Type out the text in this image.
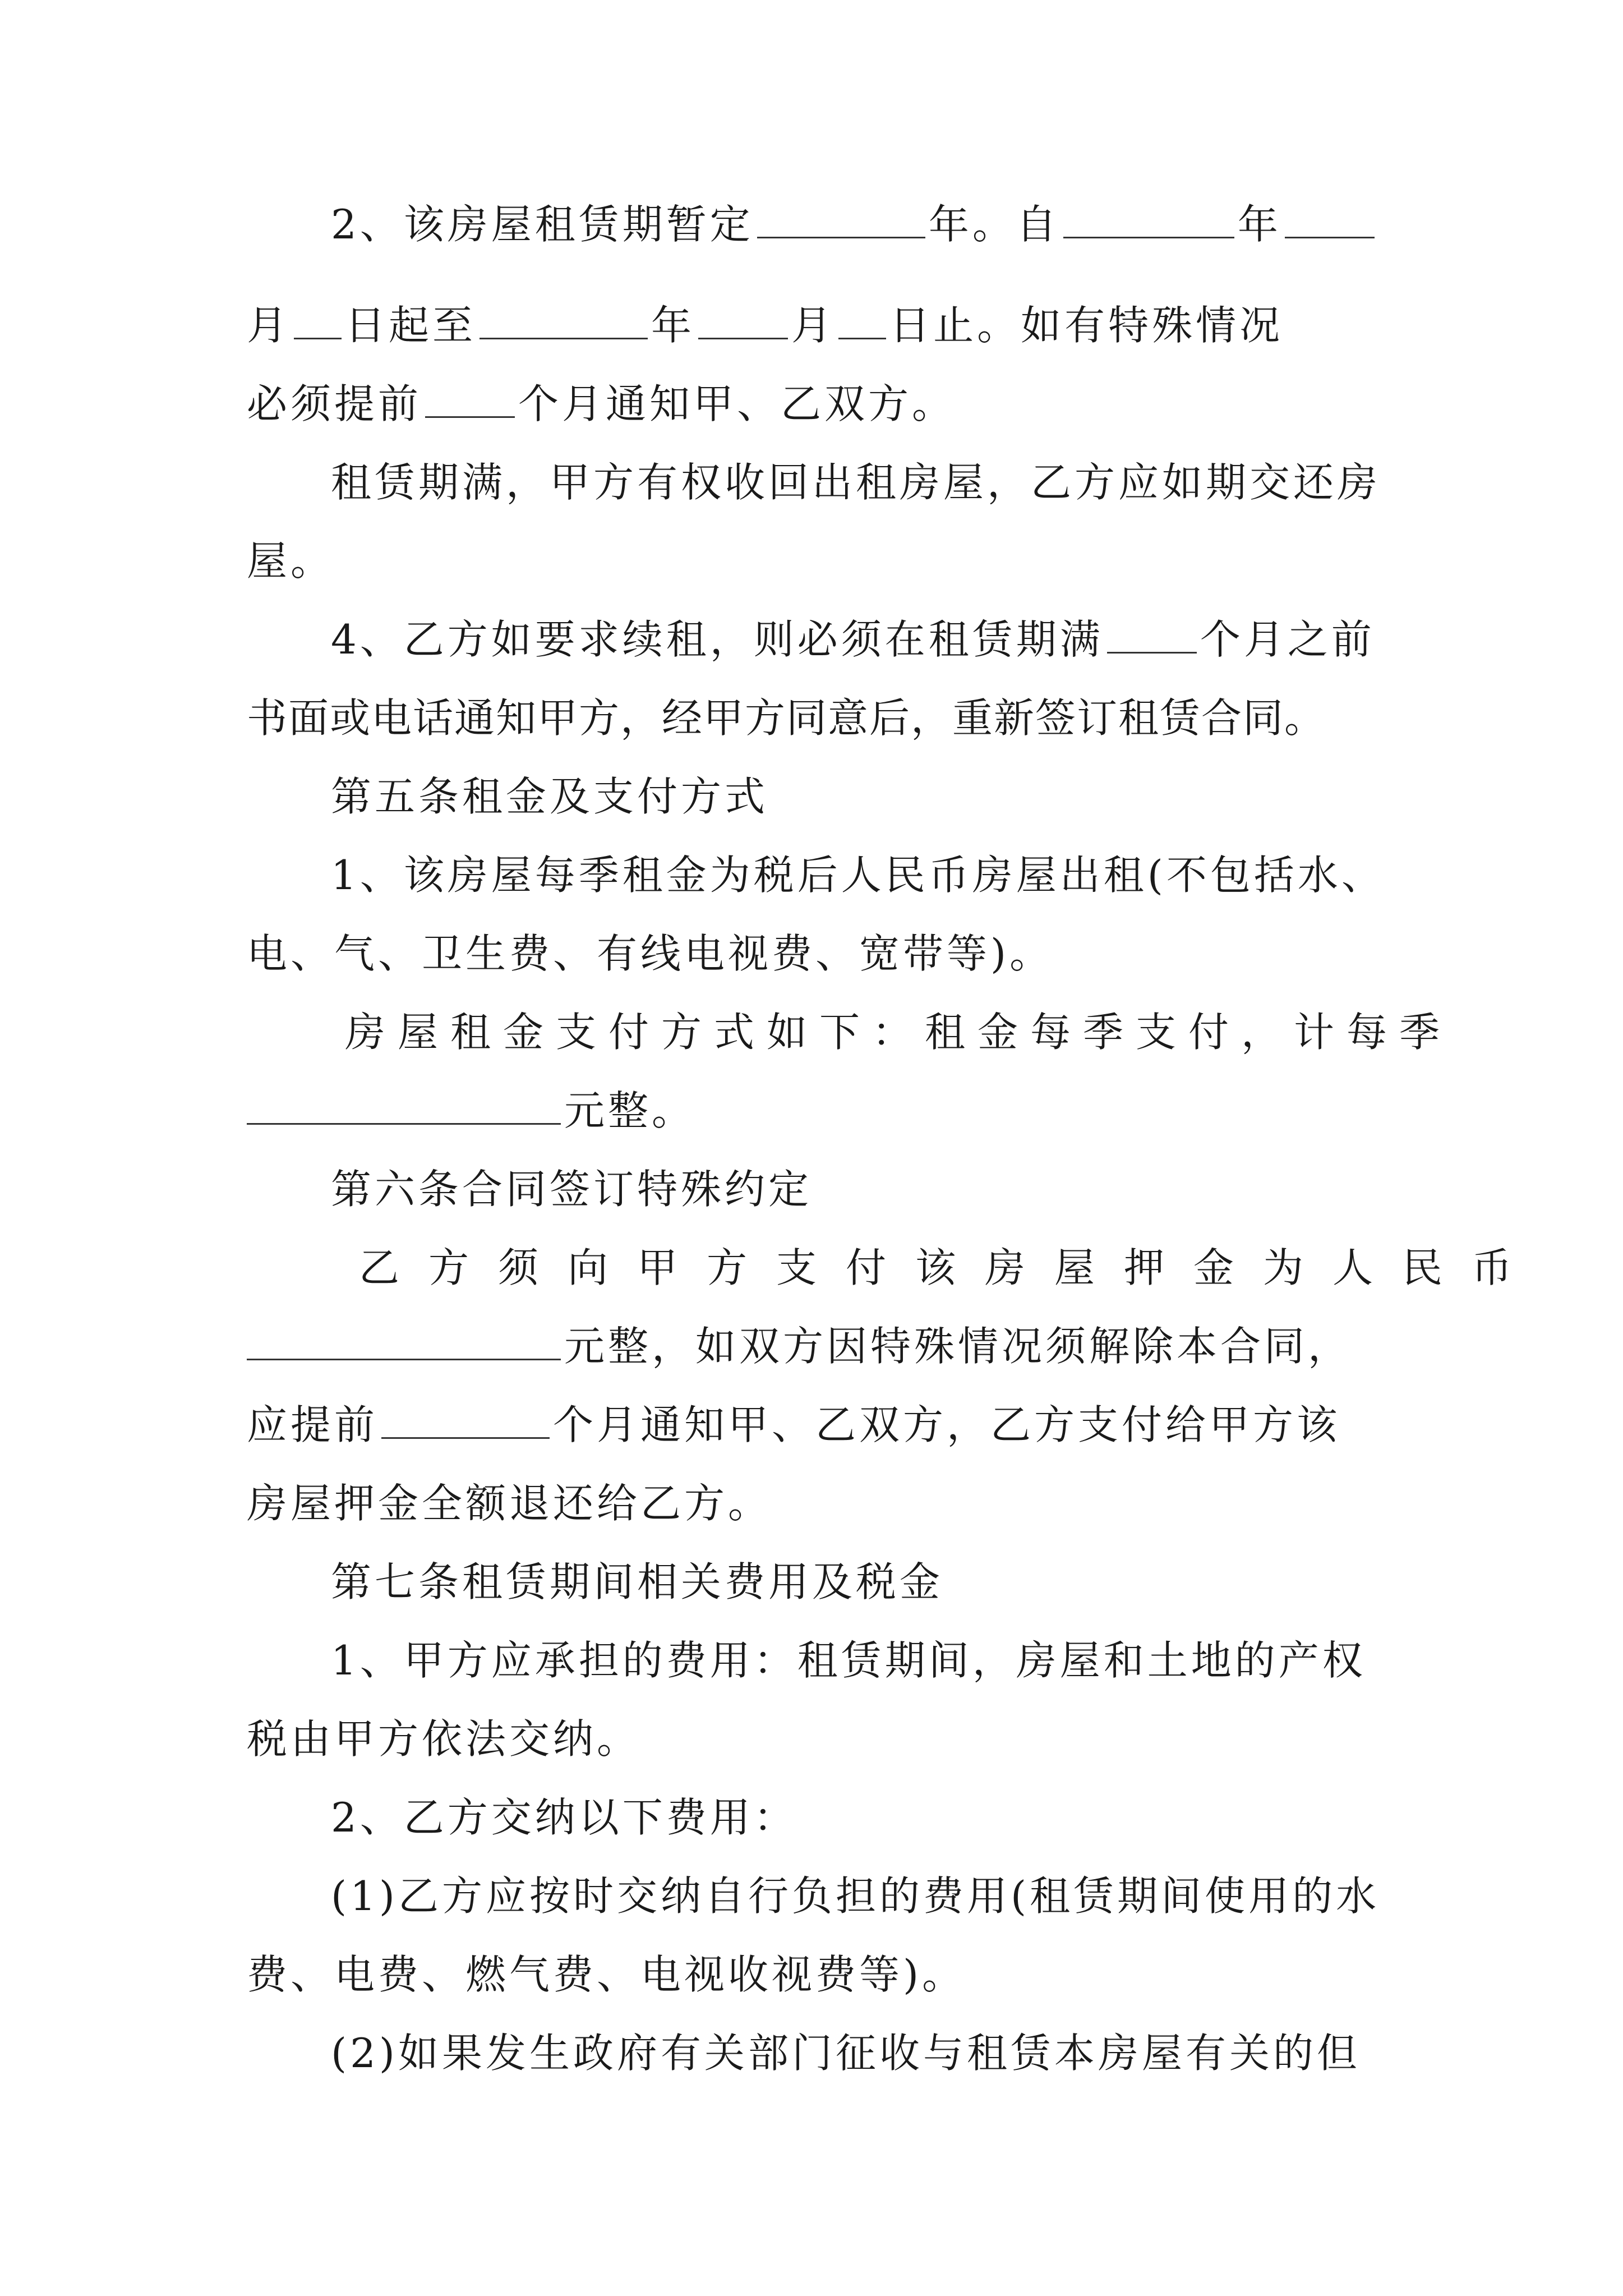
2、该房屋租赁期暂定	年。自	年
月 日起至	年 月 日止。如有特殊情况
必须提前 个月通知甲、乙双方。
租赁期满，甲方有权收回出租房屋，乙方应如期交还房
屋。
4、乙方如要求续租，则必须在租赁期满 个月之前
书面或电话通知甲方，经甲方同意后，重新签订租赁合同。
第五条租金及支付方式
1、该房屋每季租金为税后人民币房屋出租(不包括水、
电、气、卫生费、有线电视费、宽带等)。
房屋租金支付方式如下：租金每季支付，计每季
元整。
第六条合同签订特殊约定
乙方须向甲方支付该房屋押金为人民币
元整，如双方因特殊情况须解除本合同，
应提前	个月通知甲、乙双方，乙方支付给甲方该
房屋押金全额退还给乙方。
第七条租赁期间相关费用及税金
1、甲方应承担的费用：租赁期间，房屋和土地的产权
税由甲方依法交纳。
2、乙方交纳以下费用：
(1)乙方应按时交纳自行负担的费用(租赁期间使用的水
费、电费、燃气费、电视收视费等)。
(2)如果发生政府有关部门征收与租赁本房屋有关的但
